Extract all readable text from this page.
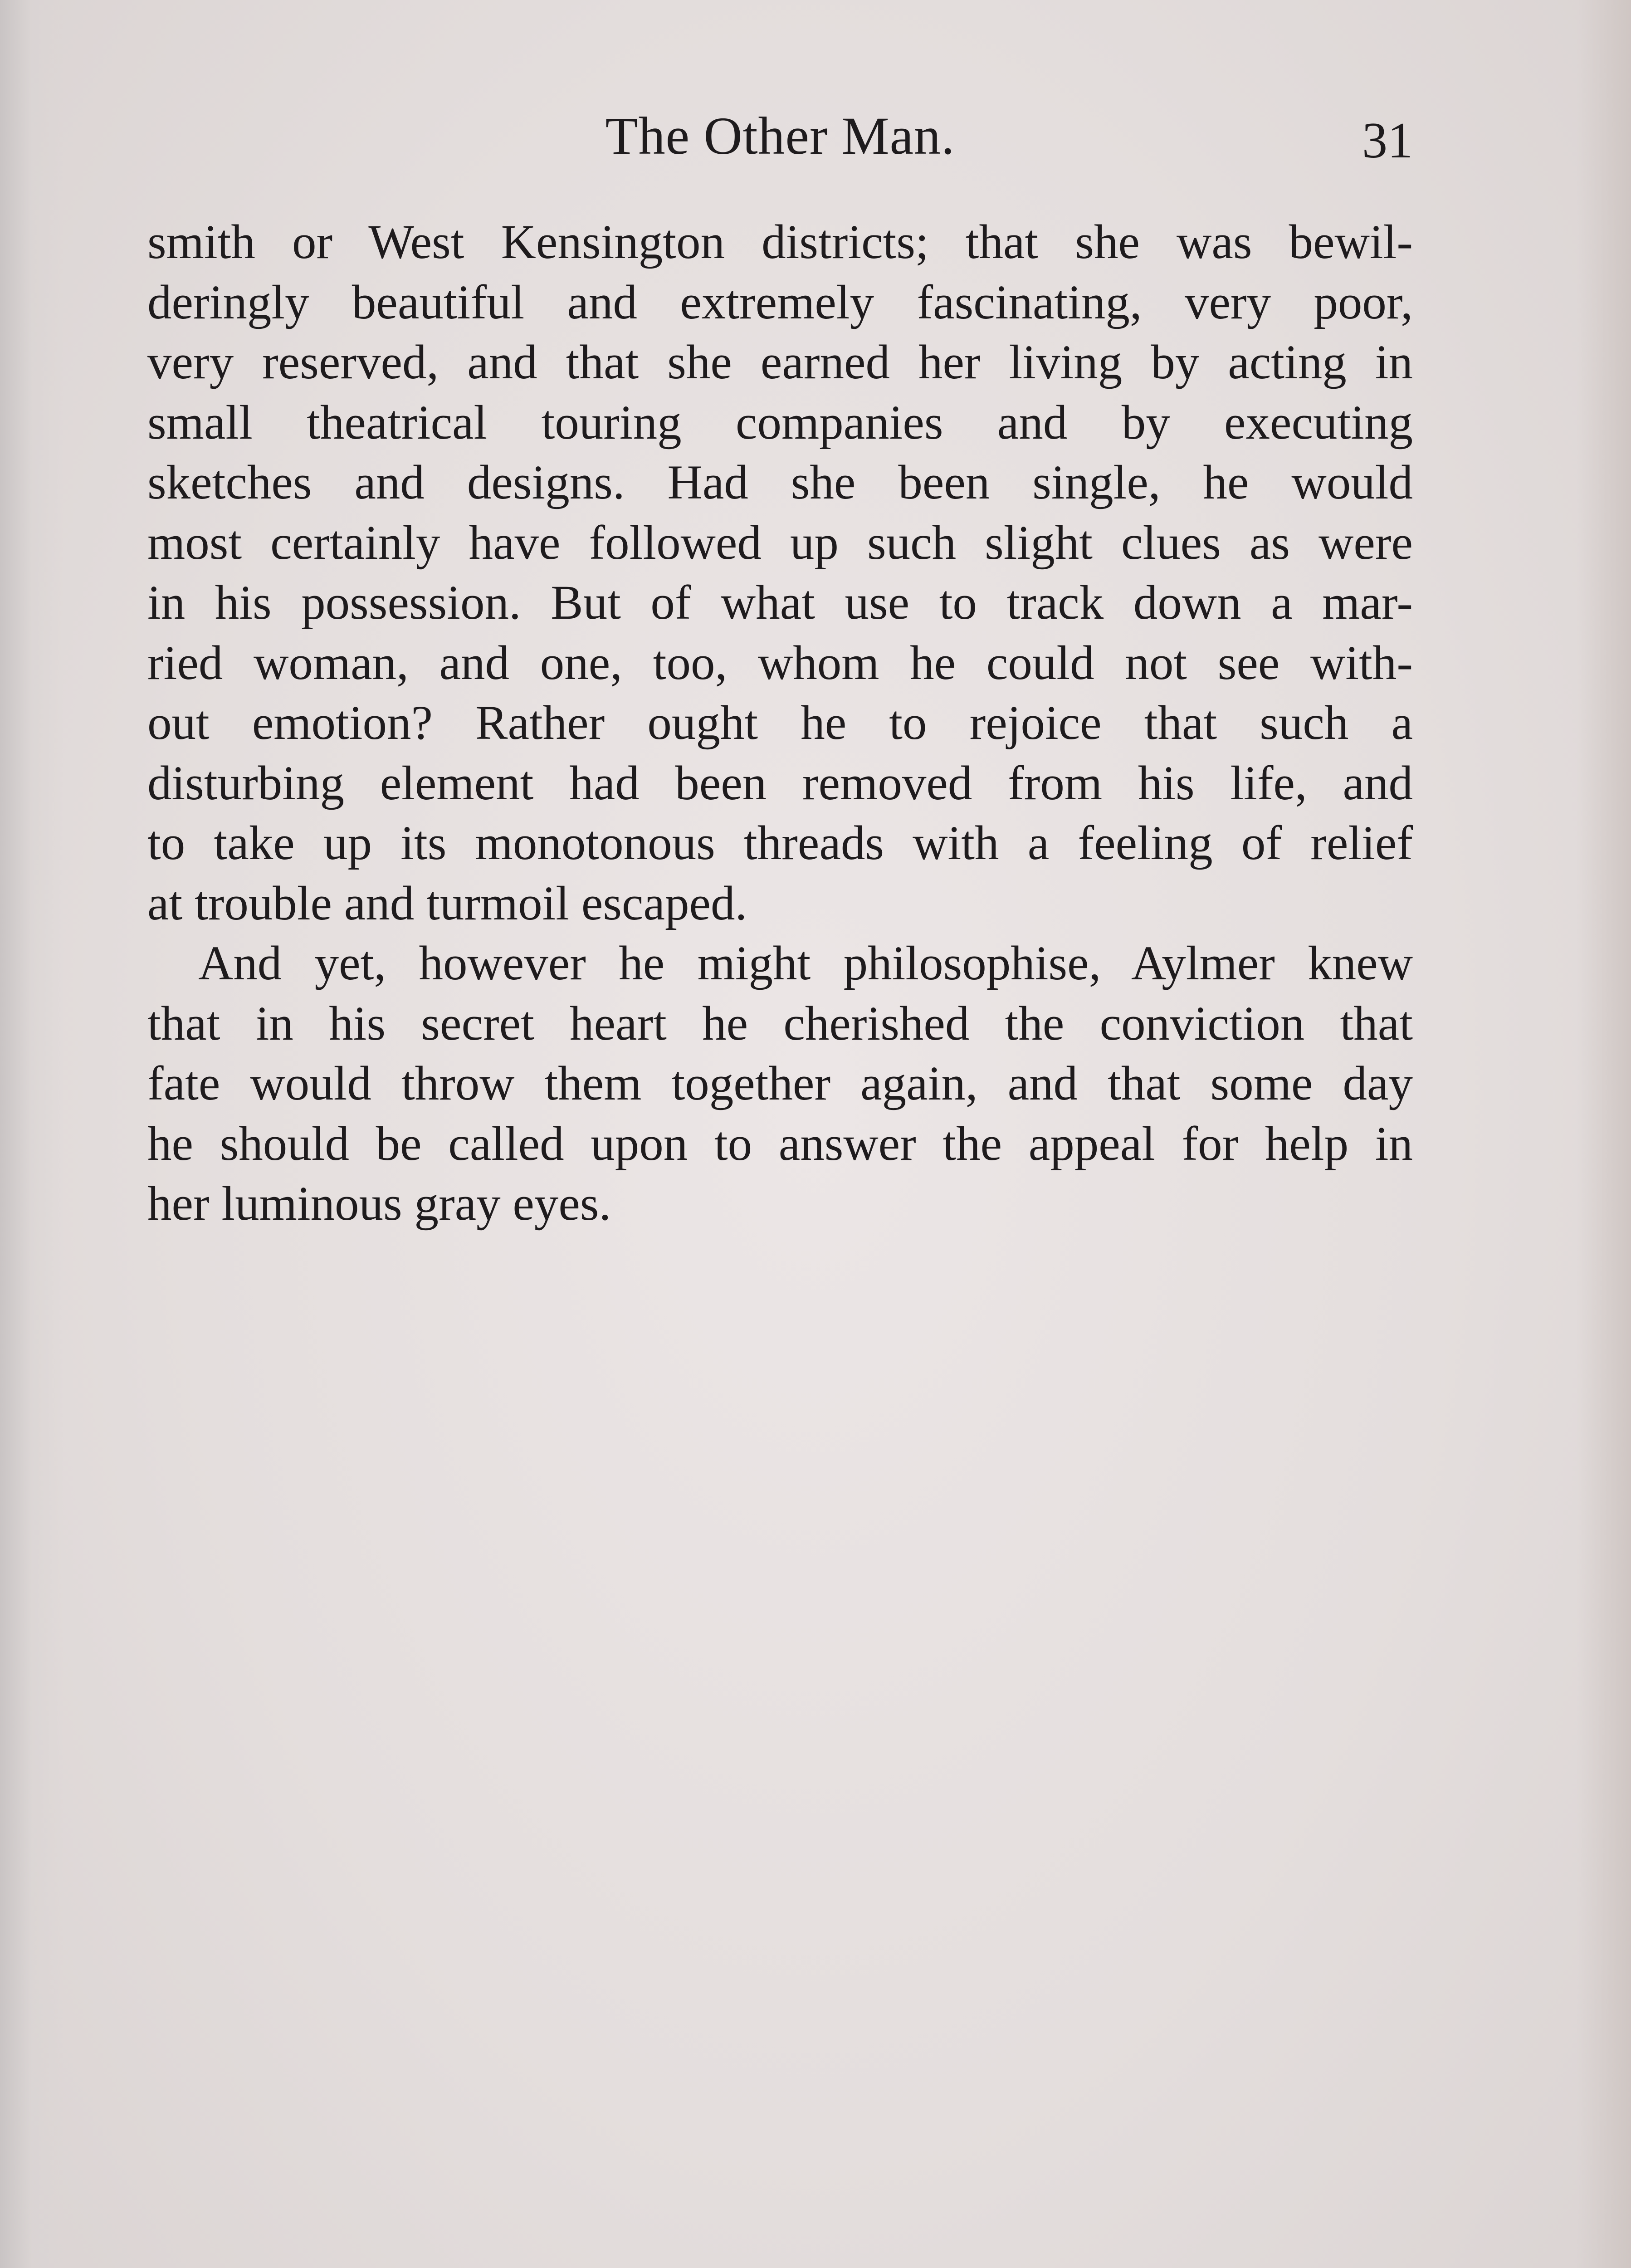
The Other Man.	31
smith or West Kensington districts; that she was bewil-
deringly beautiful and extremely fascinating, very poor,
very reserved, and that she earned her living by acting in
small theatrical touring companies and by executing
sketches and designs. Had she been single, he would
most certainly have followed up such slight clues as were
in his possession. But of what use to track down a mar-
ried woman, and one, too, whom he could not see with-
out emotion? Rather ought he to rejoice that such a
disturbing element had been removed from his life, and
to take up its monotonous threads with a feeling of relief
at trouble and turmoil escaped.
And yet, however he might philosophise, Aylmer knew
that in his secret heart he cherished the conviction that
fate would throw them together again, and that some day
he should be called upon to answer the appeal for help in
her luminous gray eyes.
